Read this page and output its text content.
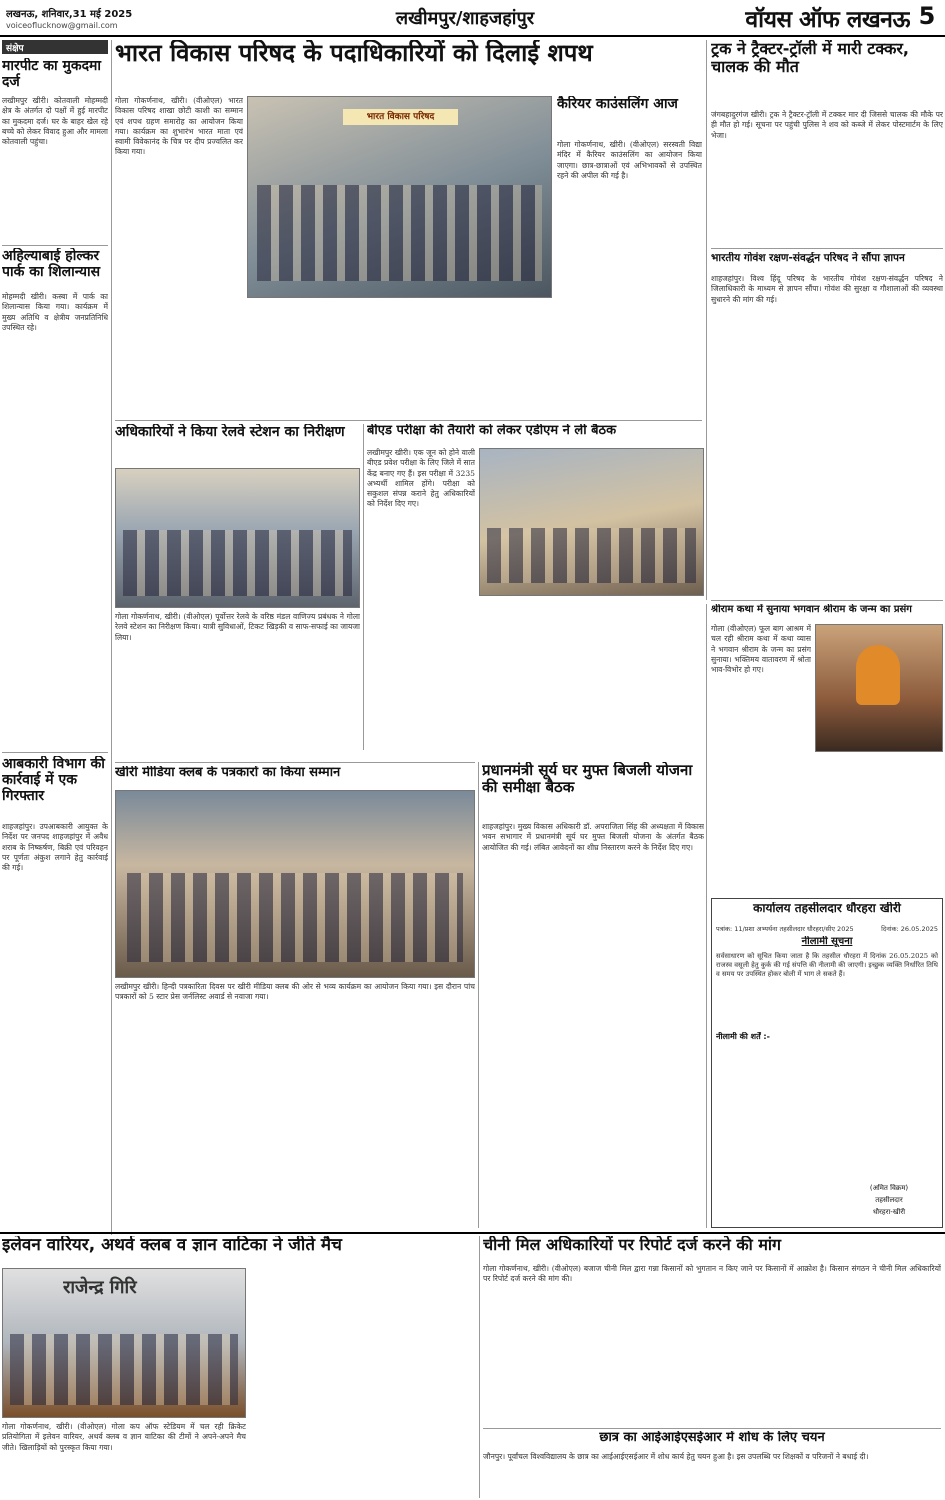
लखनऊ, शनिवार,31 मई 2025
voiceoflucknow@gmail.com	लखीमपुर/शाहजहांपुर	वॉयस ऑफ लखनऊ 5
संक्षेप
मारपीट का मुकदमा दर्ज
लखीमपुर खीरी। कोतवाली मोहम्मदी क्षेत्र के अंतर्गत दो पक्षों में हुई मारपीट का मुकदमा दर्ज। घर के बाहर खेल रहे बच्चे को लेकर विवाद हुआ और मामला कोतवाली पहुंचा।
अहिल्याबाई होल्कर पार्क का शिलान्यास
मोहम्मदी खीरी। कस्बा में पार्क का शिलान्यास किया गया। कार्यक्रम में मुख्य अतिथि व क्षेत्रीय जनप्रतिनिधि उपस्थित रहे।
आबकारी विभाग की कार्रवाई में एक गिरफ्तार
शाहजहांपुर। उपआबकारी आयुक्त के निर्देश पर जनपद शाहजहांपुर में अवैध शराब के निष्कर्षण, बिक्री एवं परिवहन पर पूर्णतः अंकुश लगाने हेतु कार्रवाई की गई।
भारत विकास परिषद के पदाधिकारियों को दिलाई शपथ
गोला गोकर्णनाथ, खीरी। (वीओएल) भारत विकास परिषद शाखा छोटी काशी का सम्मान एवं शपथ ग्रहण समारोह का आयोजन किया गया। कार्यक्रम का शुभारंभ भारत माता एवं स्वामी विवेकानंद के चित्र पर दीप प्रज्वलित कर किया गया।
भारत विकास परिषद
कैरियर काउंसलिंग आज
गोला गोकर्णनाथ, खीरी। (वीओएल) सरस्वती विद्या मंदिर में कैरियर काउंसलिंग का आयोजन किया जाएगा। छात्र-छात्राओं एवं अभिभावकों से उपस्थित रहने की अपील की गई है।
ट्रक ने ट्रैक्टर-ट्रॉली में मारी टक्कर, चालक की मौत
जंगबहादुरगंज खीरी। ट्रक ने ट्रैक्टर-ट्रॉली में टक्कर मार दी जिससे चालक की मौके पर ही मौत हो गई। सूचना पर पहुंची पुलिस ने शव को कब्जे में लेकर पोस्टमार्टम के लिए भेजा।
भारतीय गोवंश रक्षण-संवर्द्धन परिषद ने सौंपा ज्ञापन
शाहजहांपुर। विश्व हिंदू परिषद के भारतीय गोवंश रक्षण-संवर्द्धन परिषद ने जिलाधिकारी के माध्यम से ज्ञापन सौंपा। गोवंश की सुरक्षा व गौशालाओं की व्यवस्था सुधारने की मांग की गई।
श्रीराम कथा में सुनाया भगवान श्रीराम के जन्म का प्रसंग
गोला (वीओएल) फूल बाग आश्रम में चल रही श्रीराम कथा में कथा व्यास ने भगवान श्रीराम के जन्म का प्रसंग सुनाया। भक्तिमय वातावरण में श्रोता भाव-विभोर हो गए।
अधिकारियों ने किया रेलवे स्टेशन का निरीक्षण
गोला गोकर्णनाथ, खीरी। (वीओएल) पूर्वोत्तर रेलवे के वरिष्ठ मंडल वाणिज्य प्रबंधक ने गोला रेलवे स्टेशन का निरीक्षण किया। यात्री सुविधाओं, टिकट खिड़की व साफ-सफाई का जायजा लिया।
बीएड परीक्षा की तैयारी को लेकर एडीएम ने ली बैठक
लखीमपुर खीरी। एक जून को होने वाली बीएड प्रवेश परीक्षा के लिए जिले में सात केंद्र बनाए गए हैं। इस परीक्षा में 3235 अभ्यर्थी शामिल होंगे। परीक्षा को सकुशल संपन्न कराने हेतु अधिकारियों को निर्देश दिए गए।
खीरी मीडिया क्लब के पत्रकारों का किया सम्मान
लखीमपुर खीरी। हिन्दी पत्रकारिता दिवस पर खीरी मीडिया क्लब की ओर से भव्य कार्यक्रम का आयोजन किया गया। इस दौरान पांच पत्रकारों को 5 स्टार प्रेस जर्नलिस्ट अवार्ड से नवाजा गया।
प्रधानमंत्री सूर्य घर मुफ्त बिजली योजना की समीक्षा बैठक
शाहजहांपुर। मुख्य विकास अधिकारी डॉ. अपराजिता सिंह की अध्यक्षता में विकास भवन सभागार में प्रधानमंत्री सूर्य घर मुफ्त बिजली योजना के अंतर्गत बैठक आयोजित की गई। लंबित आवेदनों का शीघ्र निस्तारण करने के निर्देश दिए गए।
कार्यालय तहसीलदार धौरहरा खीरी
पत्रांक: 11/प्रशा अभ्यर्थना तहसीलदार धौरहरा/सीए 2025	दिनांक: 26.05.2025
नीलामी सूचना
सर्वसाधारण को सूचित किया जाता है कि तहसील धौरहरा में दिनांक 26.05.2025 को राजस्व वसूली हेतु कुर्क की गई संपत्ति की नीलामी की जाएगी। इच्छुक व्यक्ति निर्धारित तिथि व समय पर उपस्थित होकर बोली में भाग ले सकते हैं।
नीलामी की शर्तें :-
(अमित विक्रम)
तहसीलदार
धौरहरा-खीरी
इलेवन वारियर, अथर्व क्लब व ज्ञान वाटिका ने जीते मैच
राजेन्द्र गिरि
गोला गोकर्णनाथ, खीरी। (वीओएल) गोला कप ऑफ स्टेडियम में चल रही क्रिकेट प्रतियोगिता में इलेवन वारियर, अथर्व क्लब व ज्ञान वाटिका की टीमों ने अपने-अपने मैच जीते। खिलाड़ियों को पुरस्कृत किया गया।
चीनी मिल अधिकारियों पर रिपोर्ट दर्ज करने की मांग
गोला गोकर्णनाथ, खीरी। (वीओएल) बजाज चीनी मिल द्वारा गन्ना किसानों को भुगतान न किए जाने पर किसानों में आक्रोश है। किसान संगठन ने चीनी मिल अधिकारियों पर रिपोर्ट दर्ज करने की मांग की।
छात्र का आईआईएसईआर में शोध के लिए चयन
जौनपुर। पूर्वांचल विश्वविद्यालय के छात्र का आईआईएसईआर में शोध कार्य हेतु चयन हुआ है। इस उपलब्धि पर शिक्षकों व परिजनों ने बधाई दी।
